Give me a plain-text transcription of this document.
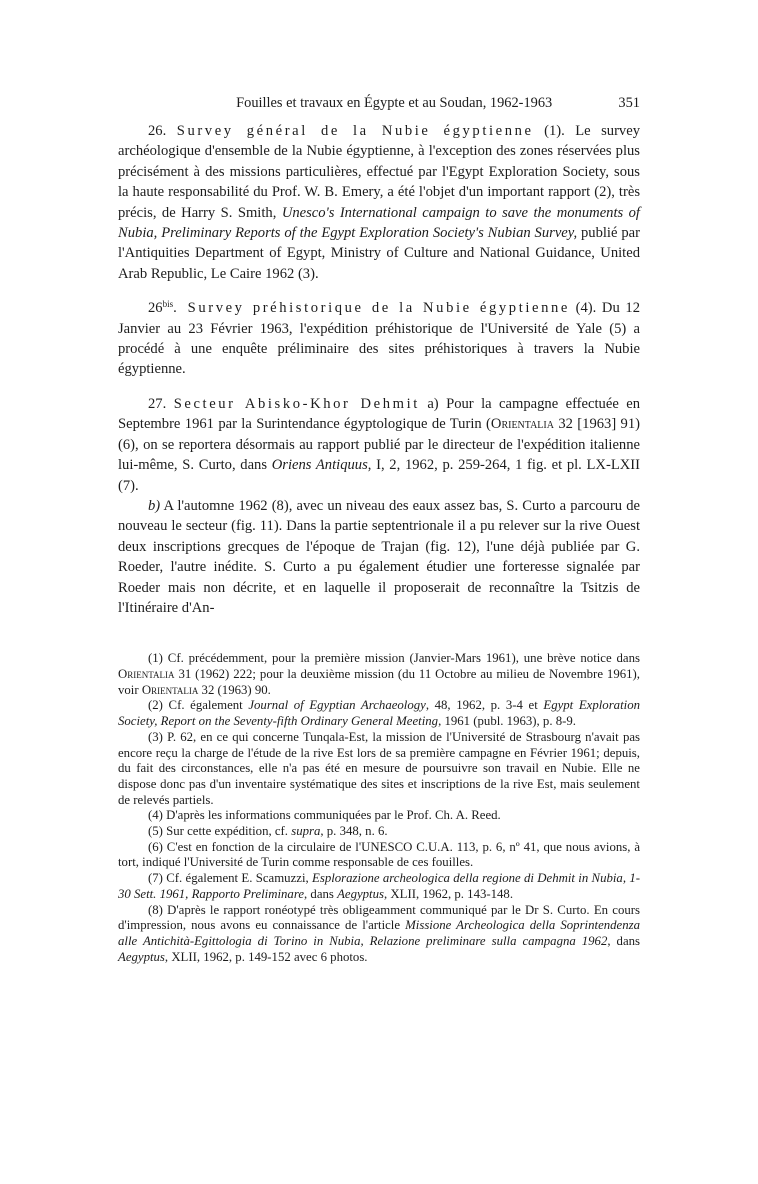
Fouilles et travaux en Égypte et au Soudan, 1962-1963	351

26. Survey général de la Nubie égyptienne (1). Le survey archéologique d'ensemble de la Nubie égyptienne, à l'exception des zones réservées plus précisément à des missions particulières, effectué par l'Egypt Exploration Society, sous la haute responsabilité du Prof. W. B. Emery, a été l'objet d'un important rapport (2), très précis, de Harry S. Smith, Unesco's International campaign to save the monuments of Nubia, Preliminary Reports of the Egypt Exploration Society's Nubian Survey, publié par l'Antiquities Department of Egypt, Ministry of Culture and National Guidance, United Arab Republic, Le Caire 1962 (3).

$26^{bis}$. Survey préhistorique de la Nubie égyptienne (4). Du 12 Janvier au 23 Février 1963, l'expédition préhistorique de l'Université de Yale (5) a procédé à une enquête préliminaire des sites préhistoriques à travers la Nubie égyptienne.

27. Secteur Abisko-Khor Dehmit a) Pour la campagne effectuée en Septembre 1961 par la Surintendance égyptologique de Turin (Orientalia 32 [1963] 91) (6), on se reportera désormais au rapport publié par le directeur de l'expédition italienne lui-même, S. Curto, dans Oriens Antiquus, I, 2, 1962, p. 259-264, 1 fig. et pl. LX-LXII (7).

b) A l'automne 1962 (8), avec un niveau des eaux assez bas, S. Curto a parcouru de nouveau le secteur (fig. 11). Dans la partie septentrionale il a pu relever sur la rive Ouest deux inscriptions grecques de l'époque de Trajan (fig. 12), l'une déjà publiée par G. Roeder, l'autre inédite. S. Curto a pu également étudier une forteresse signalée par Roeder mais non décrite, et en laquelle il proposerait de reconnaître la Tsitzis de l'Itinéraire d'An-

(1) Cf. précédemment, pour la première mission (Janvier-Mars 1961), une brève notice dans Orientalia 31 (1962) 222; pour la deuxième mission (du 11 Octobre au milieu de Novembre 1961), voir Orientalia 32 (1963) 90.

(2) Cf. également Journal of Egyptian Archaeology, 48, 1962, p. 3-4 et Egypt Exploration Society, Report on the Seventy-fifth Ordinary General Meeting, 1961 (publ. 1963), p. 8-9.

(3) P. 62, en ce qui concerne Tunqala-Est, la mission de l'Université de Strasbourg n'avait pas encore reçu la charge de l'étude de la rive Est lors de sa première campagne en Février 1961; depuis, du fait des circonstances, elle n'a pas été en mesure de poursuivre son travail en Nubie. Elle ne dispose donc pas d'un inventaire systématique des sites et inscriptions de la rive Est, mais seulement de relevés partiels.

(4) D'après les informations communiquées par le Prof. Ch. A. Reed.

(5) Sur cette expédition, cf. supra, p. 348, n. 6.

(6) C'est en fonction de la circulaire de l'UNESCO C.U.A. 113, p. 6, nº 41, que nous avions, à tort, indiqué l'Université de Turin comme responsable de ces fouilles.

(7) Cf. également E. Scamuzzi, Esplorazione archeologica della regione di Dehmit in Nubia, 1-30 Sett. 1961, Rapporto Preliminare, dans Aegyptus, XLII, 1962, p. 143-148.

(8) D'après le rapport ronéotypé très obligeamment communiqué par le Dr S. Curto. En cours d'impression, nous avons eu connaissance de l'article Missione Archeologica della Soprintendenza alle Antichità-Egittologia di Torino in Nubia, Relazione preliminare sulla campagna 1962, dans Aegyptus, XLII, 1962, p. 149-152 avec 6 photos.
